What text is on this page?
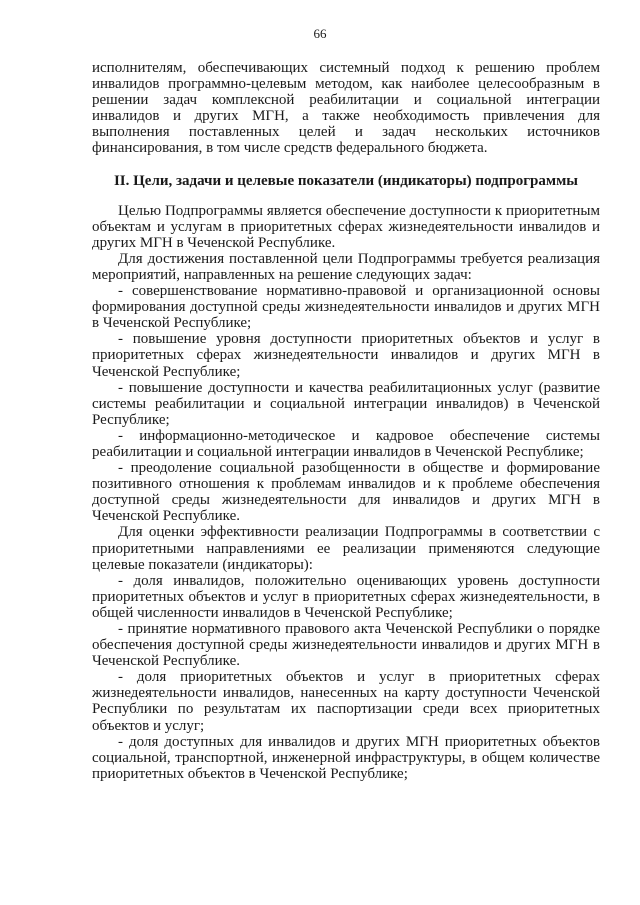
66

исполнителям, обеспечивающих системный подход к решению проблем инвалидов программно-целевым методом, как наиболее целесообразным в решении задач комплексной реабилитации и социальной интеграции инвалидов и других МГН, а также необходимость привлечения для выполнения поставленных целей и задач нескольких источников финансирования, в том числе средств федерального бюджета.

II. Цели, задачи и целевые показатели (индикаторы) подпрограммы

Целью Подпрограммы является обеспечение доступности к приоритетным объектам и услугам в приоритетных сферах жизнедеятельности инвалидов и других МГН в Чеченской Республике.

Для достижения поставленной цели Подпрограммы требуется реализация мероприятий, направленных на решение следующих задач:

- совершенствование нормативно-правовой и организационной основы формирования доступной среды жизнедеятельности инвалидов и других МГН в Чеченской Республике;

- повышение уровня доступности приоритетных объектов и услуг в приоритетных сферах жизнедеятельности инвалидов и других МГН в Чеченской Республике;

- повышение доступности и качества реабилитационных услуг (развитие системы реабилитации и социальной интеграции инвалидов) в Чеченской Республике;

- информационно-методическое и кадровое обеспечение системы реабилитации и социальной интеграции инвалидов в Чеченской Республике;

- преодоление социальной разобщенности в обществе и формирование позитивного отношения к проблемам инвалидов и к проблеме обеспечения доступной среды жизнедеятельности для инвалидов и других МГН в Чеченской Республике.

Для оценки эффективности реализации Подпрограммы в соответствии с приоритетными направлениями ее реализации применяются следующие целевые показатели (индикаторы):

- доля инвалидов, положительно оценивающих уровень доступности приоритетных объектов и услуг в приоритетных сферах жизнедеятельности, в общей численности инвалидов в Чеченской Республике;

- принятие нормативного правового акта Чеченской Республики о порядке обеспечения доступной среды жизнедеятельности инвалидов и других МГН в Чеченской Республике.

- доля приоритетных объектов и услуг в приоритетных сферах жизнедеятельности инвалидов, нанесенных на карту доступности Чеченской Республики по результатам их паспортизации среди всех приоритетных объектов и услуг;

- доля доступных для инвалидов и других МГН приоритетных объектов социальной, транспортной, инженерной инфраструктуры, в общем количестве приоритетных объектов в Чеченской Республике;
